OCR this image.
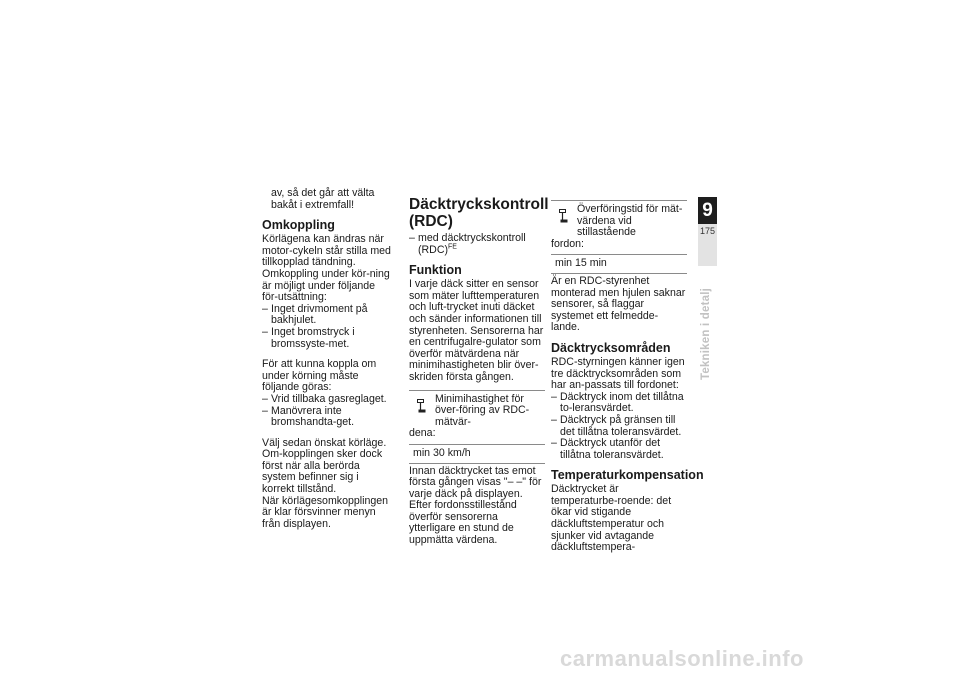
av, så det går att välta bakåt i extremfall!

Omkoppling

Körlägena kan ändras när motor-cykeln står stilla med tillkopplad tändning. Omkoppling under kör-ning är möjligt under följande för-utsättning:

– Inget drivmoment på bakhjulet.
– Inget bromstryck i bromssyste-met.

För att kunna koppla om under körning måste följande göras:

– Vrid tillbaka gasreglaget.
– Manövrera inte bromshandta-get.

Välj sedan önskat körläge. Om-kopplingen sker dock först när alla berörda system befinner sig i korrekt tillstånd.

När körlägesomkopplingen är klar försvinner menyn från displayen.

Däcktryckskontroll (RDC)
– med däcktryckskontroll (RDC)$^{FE}$
Funktion

I varje däck sitter en sensor som mäter lufttemperaturen och luft-trycket inuti däcket och sänder informationen till styrenheten. Sensorerna har en centrifugalre-gulator som överför mätvärdena när minimihastigheten blir över-skriden första gången.

Minimihastighet för över-föring av RDC-mätvär-
dena:
min 30 km/h

Innan däcktrycket tas emot första gången visas "– –" för varje däck på displayen. Efter fordonsstillestånd överför sensorerna ytterligare en stund de uppmätta värdena.

Överföringstid för mät-värdena vid stillastående
fordon:
min 15 min

Är en RDC-styrenhet monterad men hjulen saknar sensorer, så flaggar systemet ett felmedde-lande.

Däcktrycksområden

RDC-styrningen känner igen tre däcktrycksområden som har an-passats till fordonet:

– Däcktryck inom det tillåtna to-leransvärdet.
– Däcktryck på gränsen till det tillåtna toleransvärdet.
– Däcktryck utanför det tillåtna toleransvärdet.
Temperaturkompensation

Däcktrycket är temperaturbe-roende: det ökar vid stigande däckluftstemperatur och sjunker vid avtagande däckluftstempera-

9
175
Tekniken i detalj
carmanualsonline.info
